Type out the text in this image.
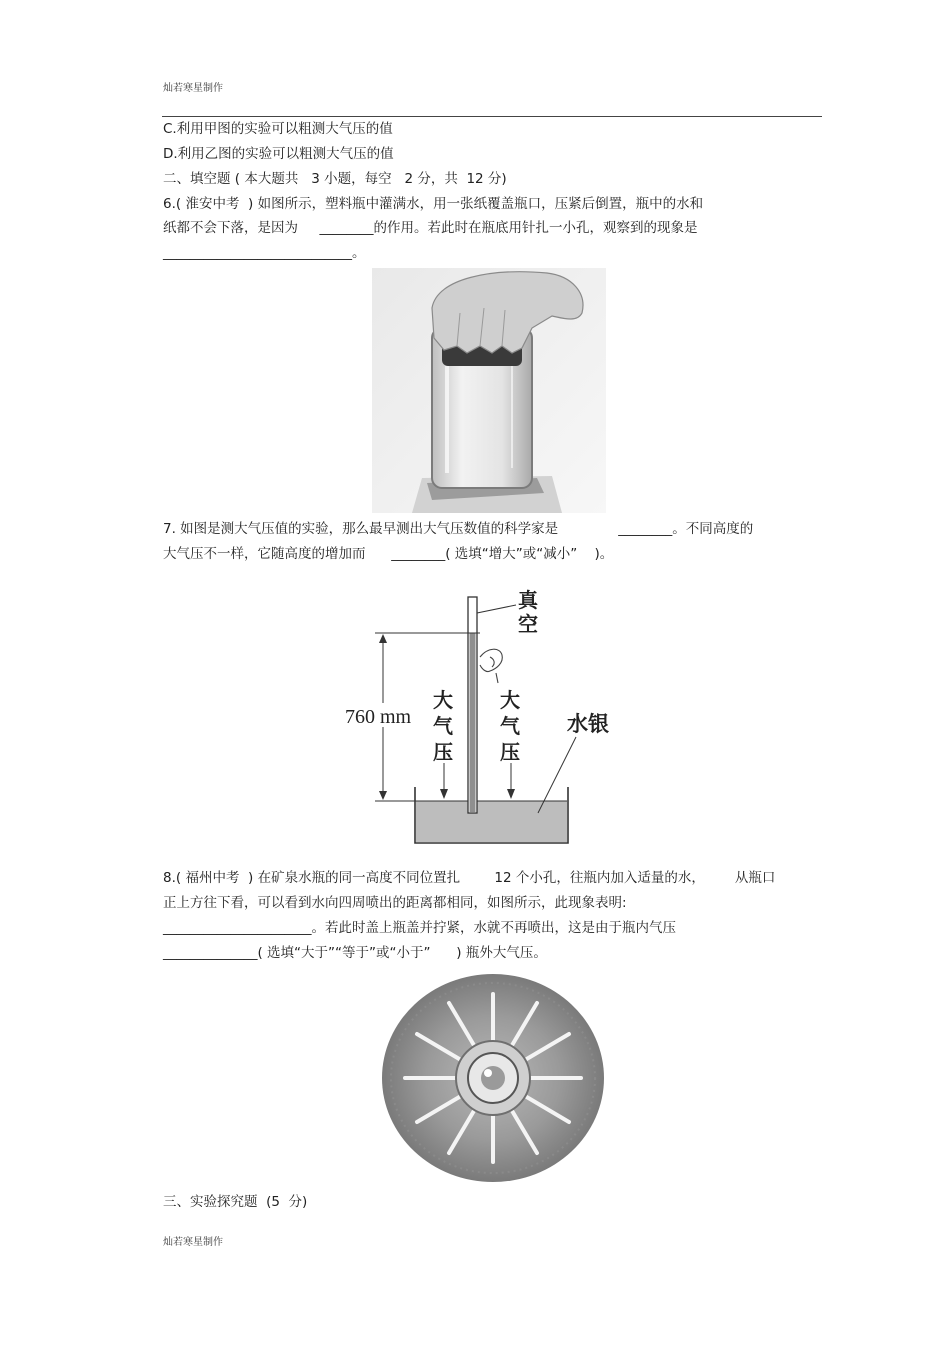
灿若寒星制作
C.利用甲图的实验可以粗测大气压的值
D.利用乙图的实验可以粗测大气压的值
二、填空题 ( 本大题共   3 小题，每空   2 分，共  12 分)
6.( 淮安中考  ) 如图所示，塑料瓶中灌满水，用一张纸覆盖瓶口，压紧后倒置，瓶中的水和
纸都不会下落，是因为     ________的作用。若此时在瓶底用针扎一小孔，观察到的现象是
____________________________。
7. 如图是测大气压值的实验，那么最早测出大气压数值的科学家是              ________。不同高度的
大气压不一样，它随高度的增加而      ________( 选填“增大”或“减小”    )。
760 mm
真
空
大
气
压
大
气
压
水银
8.( 福州中考  ) 在矿泉水瓶的同一高度不同位置扎        12 个小孔，往瓶内加入适量的水，       从瓶口
正上方往下看，可以看到水向四周喷出的距离都相同，如图所示，此现象表明:
______________________。若此时盖上瓶盖并拧紧，水就不再喷出，这是由于瓶内气压
______________( 选填“大于”“等于”或“小于”      ) 瓶外大气压。
三、实验探究题  (5  分)
灿若寒星制作
